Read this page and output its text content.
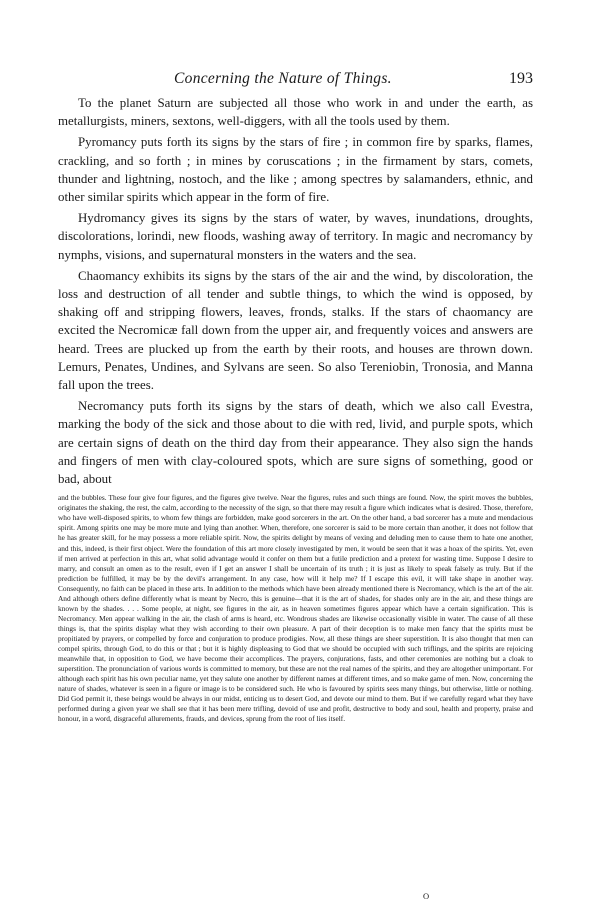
Concerning the Nature of Things.	193

To the planet Saturn are subjected all those who work in and under the earth, as metallurgists, miners, sextons, well-diggers, with all the tools used by them.

Pyromancy puts forth its signs by the stars of fire ; in common fire by sparks, flames, crackling, and so forth ; in mines by coruscations ; in the firmament by stars, comets, thunder and lightning, nostoch, and the like ; among spectres by salamanders, ethnic, and other similar spirits which appear in the form of fire.

Hydromancy gives its signs by the stars of water, by waves, inundations, droughts, discolorations, lorindi, new floods, washing away of territory. In magic and necromancy by nymphs, visions, and supernatural monsters in the waters and the sea.

Chaomancy exhibits its signs by the stars of the air and the wind, by discoloration, the loss and destruction of all tender and subtle things, to which the wind is opposed, by shaking off and stripping flowers, leaves, fronds, stalks. If the stars of chaomancy are excited the Necromicæ fall down from the upper air, and frequently voices and answers are heard. Trees are plucked up from the earth by their roots, and houses are thrown down. Lemurs, Penates, Undines, and Sylvans are seen. So also Tereniobin, Tronosia, and Manna fall upon the trees.

Necromancy puts forth its signs by the stars of death, which we also call Evestra, marking the body of the sick and those about to die with red, livid, and purple spots, which are certain signs of death on the third day from their appearance. They also sign the hands and fingers of men with clay-coloured spots, which are sure signs of something, good or bad, about

and the bubbles. These four give four figures, and the figures give twelve. Near the figures, rules and such things are found. Now, the spirit moves the bubbles, originates the shaking, the rest, the calm, according to the necessity of the sign, so that there may result a figure which indicates what is desired. Those, therefore, who have well-disposed spirits, to whom few things are forbidden, make good sorcerers in the art. On the other hand, a bad sorcerer has a mute and mendacious spirit. Among spirits one may be more mute and lying than another. When, therefore, one sorcerer is said to be more certain than another, it does not follow that he has greater skill, for he may possess a more reliable spirit. Now, the spirits delight by means of vexing and deluding men to cause them to hate one another, and this, indeed, is their first object. Were the foundation of this art more closely investigated by men, it would be seen that it was a hoax of the spirits. Yet, even if men arrived at perfection in this art, what solid advantage would it confer on them but a futile prediction and a pretext for wasting time. Suppose I desire to marry, and consult an omen as to the result, even if I get an answer I shall be uncertain of its truth ; it is just as likely to speak falsely as truly. But if the prediction be fulfilled, it may be by the devil's arrangement. In any case, how will it help me? If I escape this evil, it will take shape in another way. Consequently, no faith can be placed in these arts. In addition to the methods which have been already mentioned there is Necromancy, which is the art of the air. And although others define differently what is meant by Necro, this is genuine—that it is the art of shades, for shades only are in the air, and these things are known by the shades. . . . Some people, at night, see figures in the air, as in heaven sometimes figures appear which have a certain signification. This is Necromancy. Men appear walking in the air, the clash of arms is heard, etc. Wondrous shades are likewise occasionally visible in water. The cause of all these things is, that the spirits display what they wish according to their own pleasure. A part of their deception is to make men fancy that the spirits must be propitiated by prayers, or compelled by force and conjuration to produce prodigies. Now, all these things are sheer superstition. It is also thought that men can compel spirits, through God, to do this or that ; but it is highly displeasing to God that we should be occupied with such triflings, and the spirits are rejoicing meanwhile that, in opposition to God, we have become their accomplices. The prayers, conjurations, fasts, and other ceremonies are nothing but a cloak to superstition. The pronunciation of various words is committed to memory, but these are not the real names of the spirits, and they are altogether unimportant. For although each spirit has his own peculiar name, yet they salute one another by different names at different times, and so make game of men. Now, concerning the nature of shades, whatever is seen in a figure or image is to be considered such. He who is favoured by spirits sees many things, but otherwise, little or nothing. Did God permit it, these beings would be always in our midst, enticing us to desert God, and devote our mind to them. But if we carefully regard what they have performed during a given year we shall see that it has been mere trifling, devoid of use and profit, destructive to body and soul, health and property, praise and honour, in a word, disgraceful allurements, frauds, and devices, sprung from the root of lies itself.

O
